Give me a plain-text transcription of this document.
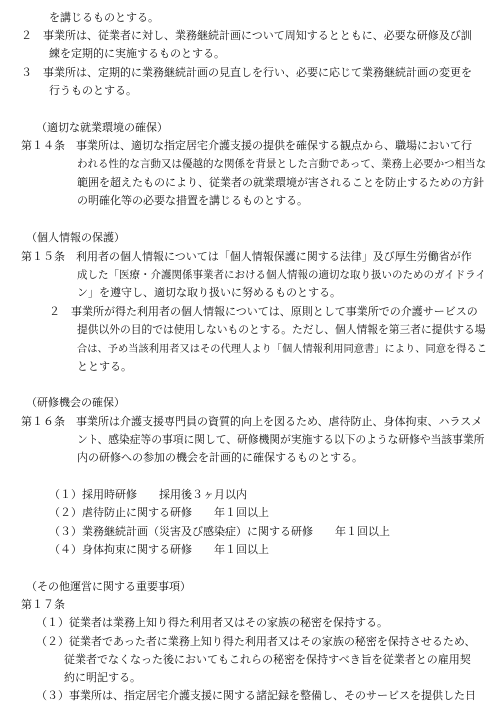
を講じるものとする。
２　事業所は、従業者に対し、業務継続計画について周知するとともに、必要な研修及び訓
練を定期的に実施するものとする。
３　事業所は、定期的に業務継続計画の見直しを行い、必要に応じて業務継続計画の変更を
行うものとする。
（適切な就業環境の確保）
第１４条　事業所は、適切な指定居宅介護支援の提供を確保する観点から、職場において行
われる性的な言動又は優越的な関係を背景とした言動であって、業務上必要かつ相当な
範囲を超えたものにより、従業者の就業環境が害されることを防止するための方針
の明確化等の必要な措置を講じるものとする。
（個人情報の保護）
第１５条　利用者の個人情報については「個人情報保護に関する法律」及び厚生労働省が作
成した「医療・介護関係事業者における個人情報の適切な取り扱いのためのガイドライ
ン」を遵守し、適切な取り扱いに努めるものとする。
２　事業所が得た利用者の個人情報については、原則として事業所での介護サービスの
提供以外の目的では使用しないものとする。ただし、個人情報を第三者に提供する場
合は、予め当該利用者又はその代理人より「個人情報利用同意書」により、同意を得るこ
ととする。
（研修機会の確保）
第１６条　事業所は介護支援専門員の資質的向上を図るため、虐待防止、身体拘束、ハラスメ
ント、感染症等の事項に関して、研修機関が実施する以下のような研修や当該事業所
内の研修への参加の機会を計画的に確保するものとする。
（１）採用時研修　　採用後３ヶ月以内
（２）虐待防止に関する研修　　年１回以上
（３）業務継続計画（災害及び感染症）に関する研修　　年１回以上
（４）身体拘束に関する研修　　年１回以上
（その他運営に関する重要事項）
第１７条
（１）従業者は業務上知り得た利用者又はその家族の秘密を保持する。
（２）従業者であった者に業務上知り得た利用者又はその家族の秘密を保持させるため、
従業者でなくなった後においてもこれらの秘密を保持すべき旨を従業者との雇用契
約に明記する。
（３）事業所は、指定居宅介護支援に関する諸記録を整備し、そのサービスを提供した日
